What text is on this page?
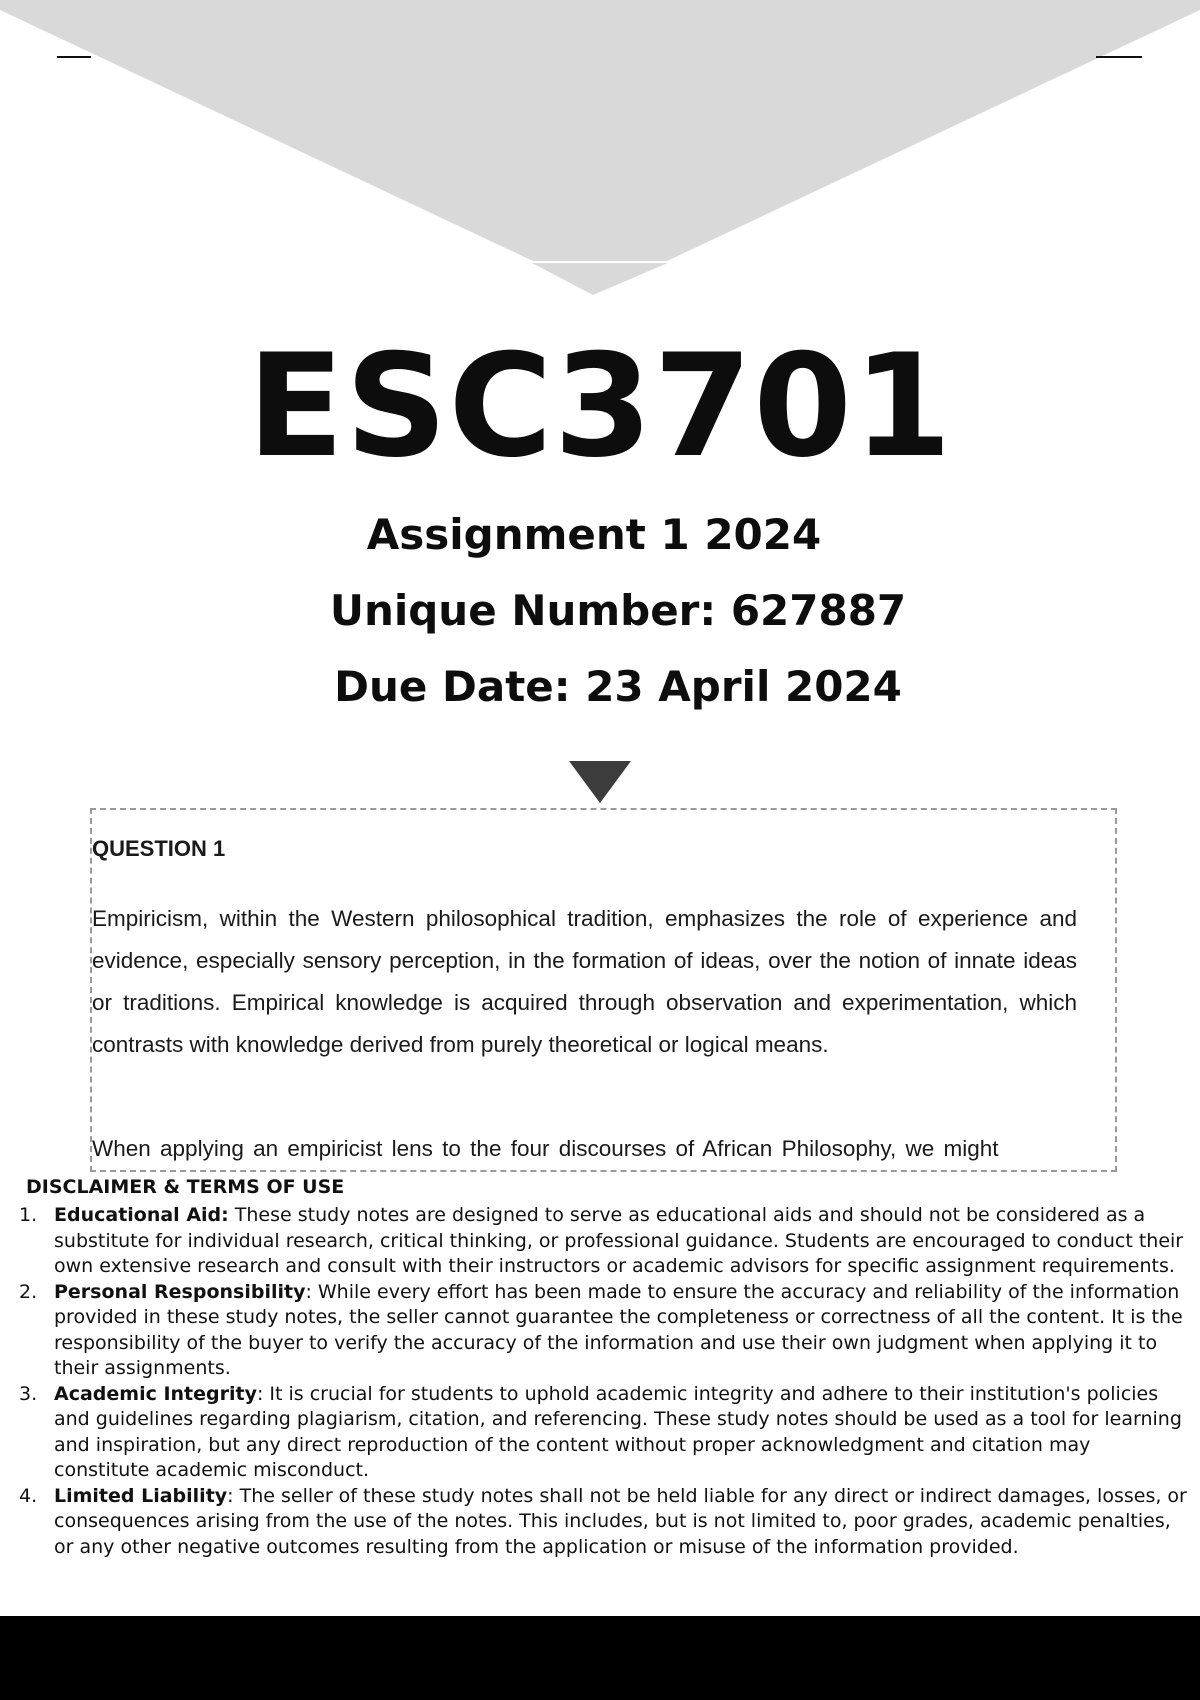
ESC3701
Assignment 1 2024
Unique Number: 627887
Due Date: 23 April 2024
QUESTION 1
Empiricism, within the Western philosophical tradition, emphasizes the role of experience and evidence, especially sensory perception, in the formation of ideas, over the notion of innate ideas or traditions. Empirical knowledge is acquired through observation and experimentation, which contrasts with knowledge derived from purely theoretical or logical means.
When applying an empiricist lens to the four discourses of African Philosophy, we might
DISCLAIMER & TERMS OF USE
1. Educational Aid: These study notes are designed to serve as educational aids and should not be considered as a substitute for individual research, critical thinking, or professional guidance. Students are encouraged to conduct their own extensive research and consult with their instructors or academic advisors for specific assignment requirements.
2. Personal Responsibility: While every effort has been made to ensure the accuracy and reliability of the information provided in these study notes, the seller cannot guarantee the completeness or correctness of all the content. It is the responsibility of the buyer to verify the accuracy of the information and use their own judgment when applying it to their assignments.
3. Academic Integrity: It is crucial for students to uphold academic integrity and adhere to their institution's policies and guidelines regarding plagiarism, citation, and referencing. These study notes should be used as a tool for learning and inspiration, but any direct reproduction of the content without proper acknowledgment and citation may constitute academic misconduct.
4. Limited Liability: The seller of these study notes shall not be held liable for any direct or indirect damages, losses, or consequences arising from the use of the notes. This includes, but is not limited to, poor grades, academic penalties, or any other negative outcomes resulting from the application or misuse of the information provided.
